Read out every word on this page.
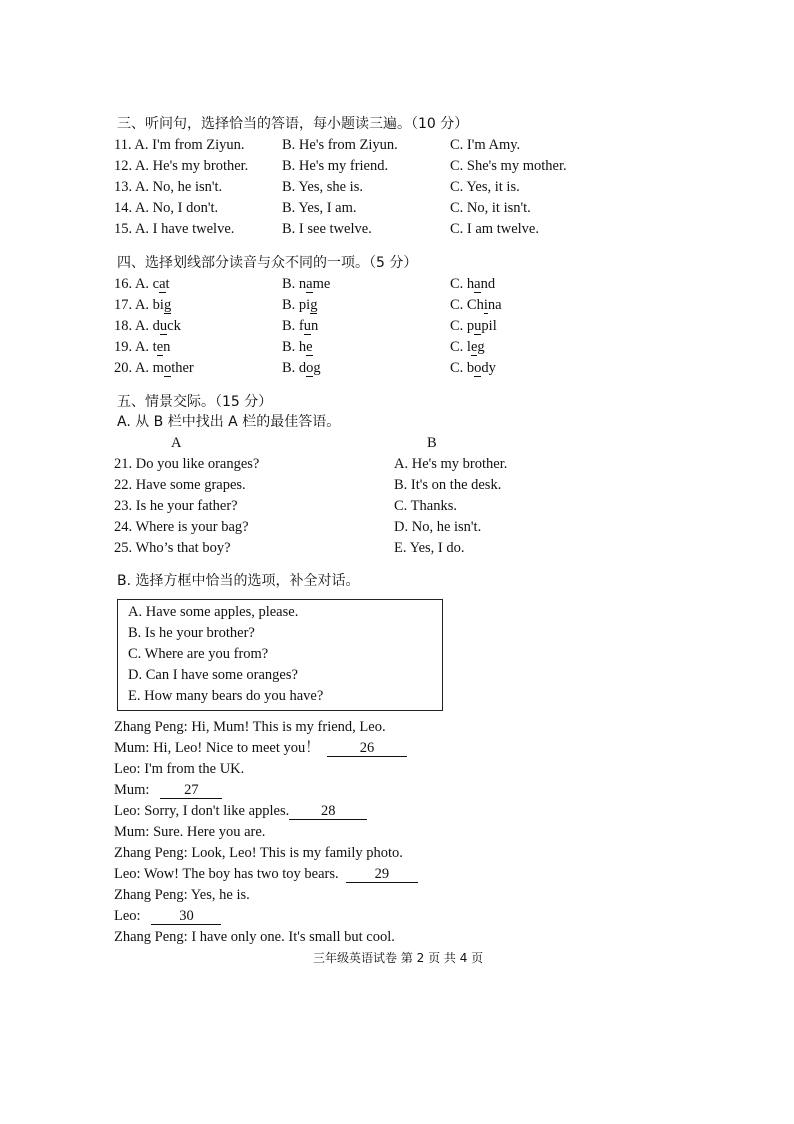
三、听问句，选择恰当的答语，每小题读三遍。（10 分）
11. A. I'm from Ziyun.	B. He's from Ziyun.	C. I'm Amy.
12. A. He's my brother. B. He's my friend.	C. She's my mother.
13. A. No, he isn't.	B. Yes, she is.	C. Yes, it is.
14. A. No, I don't.	B. Yes, I am.	C. No, it isn't.
15. A. I have twelve.	B. I see twelve.	C. I am twelve.
四、选择划线部分读音与众不同的一项。（5 分）
16. A. cat	B. name	C. hand
17. A. big	B. pig	C. China
18. A. duck	B. fun	C. pupil
19. A. ten	B. he	C. leg
20. A. mother	B. dog	C. body
五、情景交际。（15 分）
A. 从 B 栏中找出 A 栏的最佳答语。
A	B
21. Do you like oranges?	A. He's my brother.
22. Have some grapes.	B. It's on the desk.
23. Is he your father?	C. Thanks.
24. Where is your bag?	D. No, he isn't.
25. Who’s that boy?	E. Yes, I do.
B. 选择方框中恰当的选项，补全对话。
A. Have some apples, please.
B. Is he your brother?
C. Where are you from?
D. Can I have some oranges?
E. How many bears do you have?
Zhang Peng: Hi, Mum! This is my friend, Leo.
Mum: Hi, Leo! Nice to meet you！	26
Leo: I'm from the UK.
Mum: 27
Leo: Sorry, I don't like apples. 28
Mum: Sure. Here you are.
Zhang Peng: Look, Leo! This is my family photo.
Leo: Wow! The boy has two toy bears. 29
Zhang Peng: Yes, he is.
Leo:	30
Zhang Peng: I have only one. It's small but cool.
三年级英语试卷 第 2 页 共 4 页
